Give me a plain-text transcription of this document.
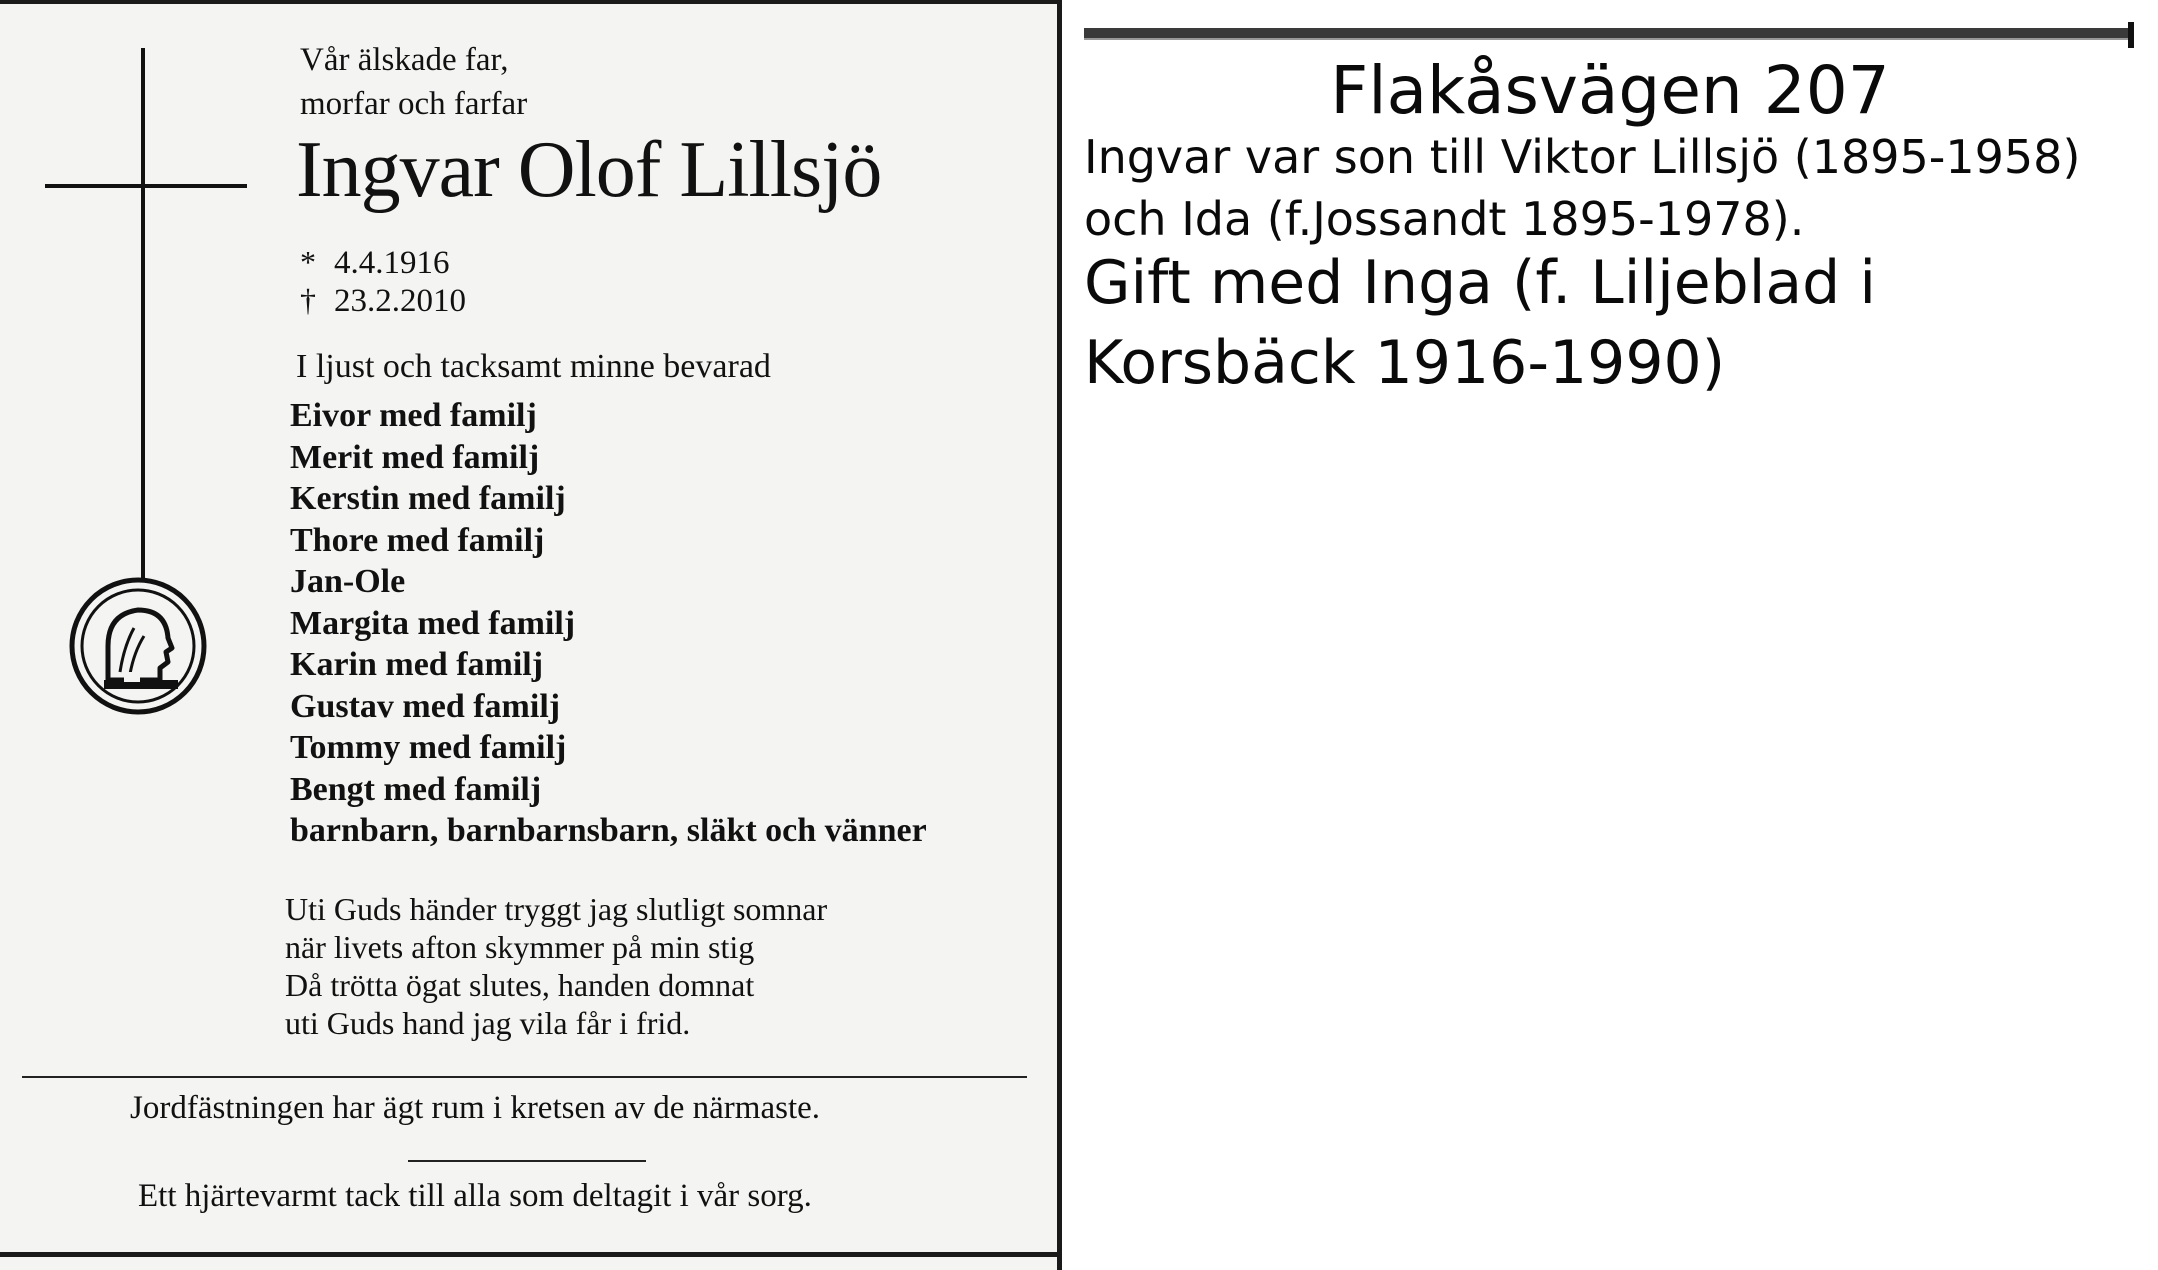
Vår älskade far,
morfar och farfar
Ingvar Olof Lillsjö
* 4.4.1916
† 23.2.2010
I ljust och tacksamt minne bevarad
Eivor med familj
Merit med familj
Kerstin med familj
Thore med familj
Jan-Ole
Margita med familj
Karin med familj
Gustav med familj
Tommy med familj
Bengt med familj
barnbarn, barnbarnsbarn, släkt och vänner
Uti Guds händer tryggt jag slutligt somnar
när livets afton skymmer på min stig
Då trötta ögat slutes, handen domnat
uti Guds hand jag vila får i frid.
Jordfästningen har ägt rum i kretsen av de närmaste.
Ett hjärtevarmt tack till alla som deltagit i vår sorg.
Flakåsvägen 207
Ingvar var son till Viktor Lillsjö (1895-1958)
och Ida (f.Jossandt 1895-1978).
Gift med Inga (f. Liljeblad i
Korsbäck 1916-1990)
